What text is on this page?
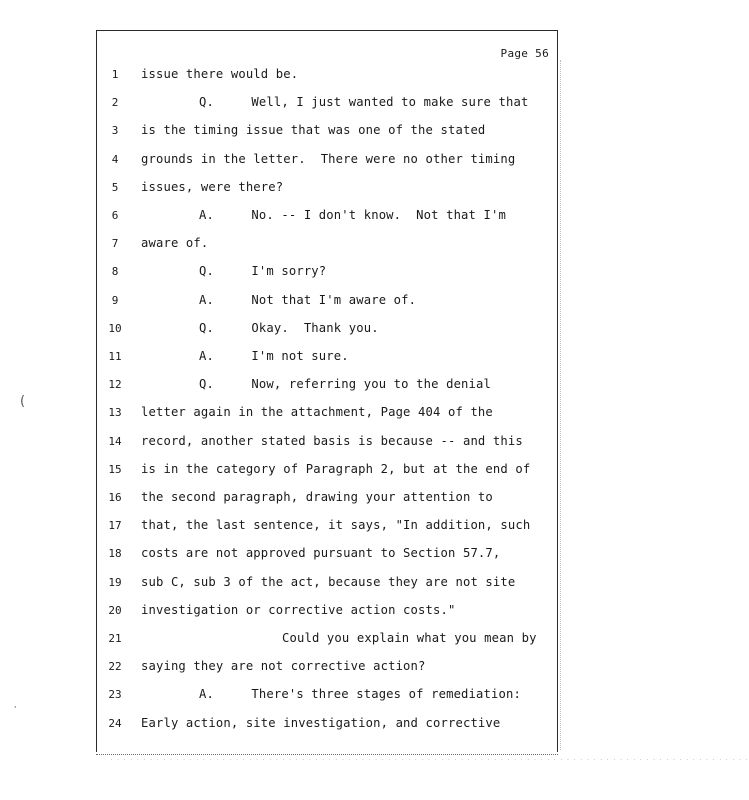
Page 56
1	issue there would be.
2	Q.     Well, I just wanted to make sure that
3	is the timing issue that was one of the stated
4	grounds in the letter.  There were no other timing
5	issues, were there?
6	A.     No. -- I don't know.  Not that I'm
7	aware of.
8	Q.     I'm sorry?
9	A.     Not that I'm aware of.
10	Q.     Okay.  Thank you.
11	A.     I'm not sure.
12	Q.     Now, referring you to the denial
13 letter again in the attachment, Page 404 of the
14 record, another stated basis is because -- and this
15 is in the category of Paragraph 2, but at the end of
16 the second paragraph, drawing your attention to
17 that, the last sentence, it says, "In addition, such
18 costs are not approved pursuant to Section 57.7,
19 sub C, sub 3 of the act, because they are not site
20 investigation or corrective action costs."
21	Could you explain what you mean by
22 saying they are not corrective action?
23	A.     There's three stages of remediation:
24 Early action, site investigation, and corrective
. . . . . . . . . . . . . . . . . . . . . . . . . . . . . . . . . . . . . . . . . . . . . . . . . . . . . . . . . . . . . . . . . . . . . . . . . . . . . . . . . . . . . . . . . . . . . . . . .
(
,
